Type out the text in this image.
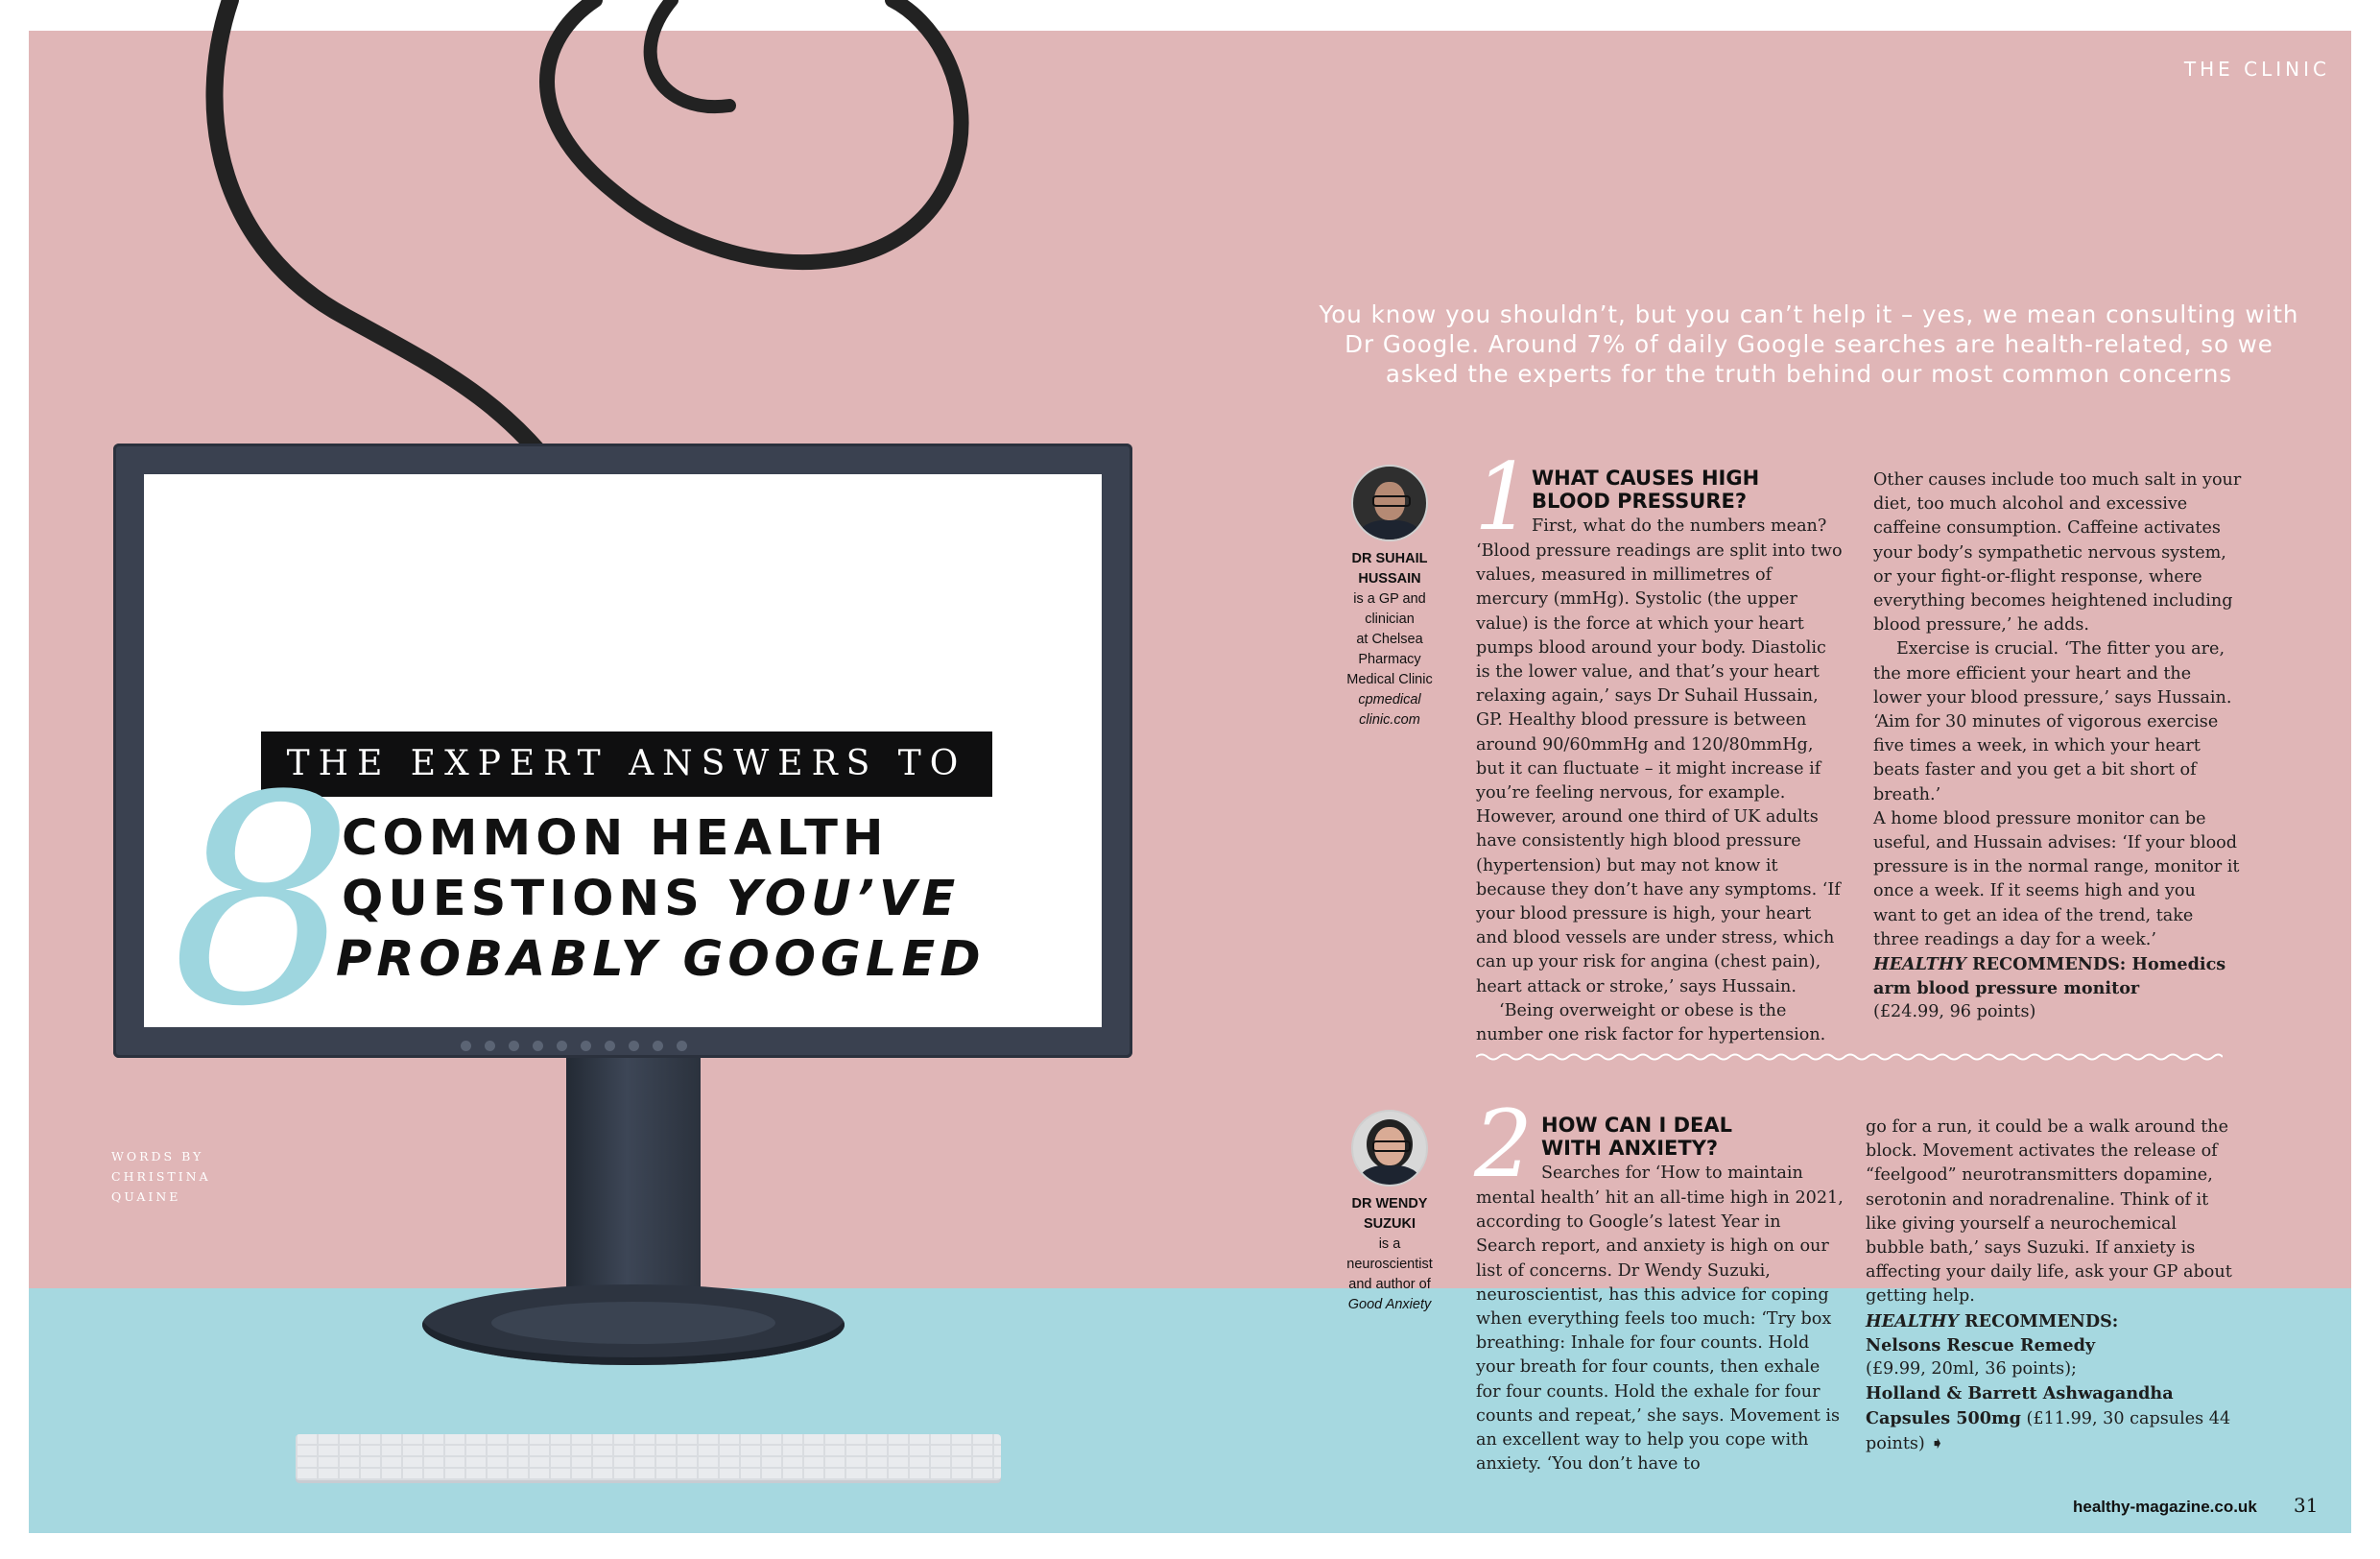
THE CLINIC
THE EXPERT ANSWERS TO
8
COMMON HEALTH
QUESTIONS YOU’VE
PROBABLY GOOGLED
WORDS BY
CHRISTINA
QUAINE
You know you shouldn’t, but you can’t help it – yes, we mean consulting with Dr Google. Around 7% of daily Google searches are health-related, so we asked the experts for the truth behind our most common concerns
DR SUHAIL
HUSSAIN
is a GP and
clinician
at Chelsea
Pharmacy
Medical Clinic
cpmedical
clinic.com
1
WHAT CAUSES HIGH
BLOOD PRESSURE?
First, what do the numbers mean?

‘Blood pressure readings are split into two values, measured in millimetres of mercury (mmHg). Systolic (the upper value) is the force at which your heart pumps blood around your body. Diastolic is the lower value, and that’s your heart relaxing again,’ says Dr Suhail Hussain, GP. Healthy blood pressure is between around 90/60mmHg and 120/80mmHg, but it can fluctuate – it might increase if you’re feeling nervous, for example. However, around one third of UK adults have consistently high blood pressure (hypertension) but may not know it because they don’t have any symptoms. ‘If your blood pressure is high, your heart and blood vessels are under stress, which can up your risk for angina (chest pain), heart attack or stroke,’ says Hussain.

‘Being overweight or obese is the number one risk factor for hypertension.

Other causes include too much salt in your diet, too much alcohol and excessive caffeine consumption. Caffeine activates your body’s sympathetic nervous system, or your fight-or-flight response, where everything becomes heightened including blood pressure,’ he adds.

Exercise is crucial. ‘The fitter you are, the more efficient your heart and the lower your blood pressure,’ says Hussain. ‘Aim for 30 minutes of vigorous exercise five times a week, in which your heart beats faster and you get a bit short of breath.’

A home blood pressure monitor can be useful, and Hussain advises: ‘If your blood pressure is in the normal range, monitor it once a week. If it seems high and you want to get an idea of the trend, take three readings a day for a week.’

HEALTHY RECOMMENDS: Homedics arm blood pressure monitor

(£24.99, 96 points)

DR WENDY
SUZUKI
is a
neuroscientist
and author of
Good Anxiety
2 HOW CAN I DEAL
WITH ANXIETY?
Searches for ‘How to maintain

mental health’ hit an all-time high in 2021, according to Google’s latest Year in Search report, and anxiety is high on our list of concerns. Dr Wendy Suzuki, neuroscientist, has this advice for coping when everything feels too much: ‘Try box breathing: Inhale for four counts. Hold your breath for four counts, then exhale for four counts. Hold the exhale for four counts and repeat,’ she says. Movement is an excellent way to help you cope with anxiety. ‘You don’t have to

go for a run, it could be a walk around the block. Movement activates the release of “feelgood” neurotransmitters dopamine, serotonin and noradrenaline. Think of it like giving yourself a neurochemical bubble bath,’ says Suzuki. If anxiety is affecting your daily life, ask your GP about getting help.

HEALTHY RECOMMENDS:

Nelsons Rescue Remedy

(£9.99, 20ml, 36 points);

Holland & Barrett Ashwagandha Capsules 500mg (£11.99, 30 capsules 44 points) ➧

healthy-magazine.co.uk 31
